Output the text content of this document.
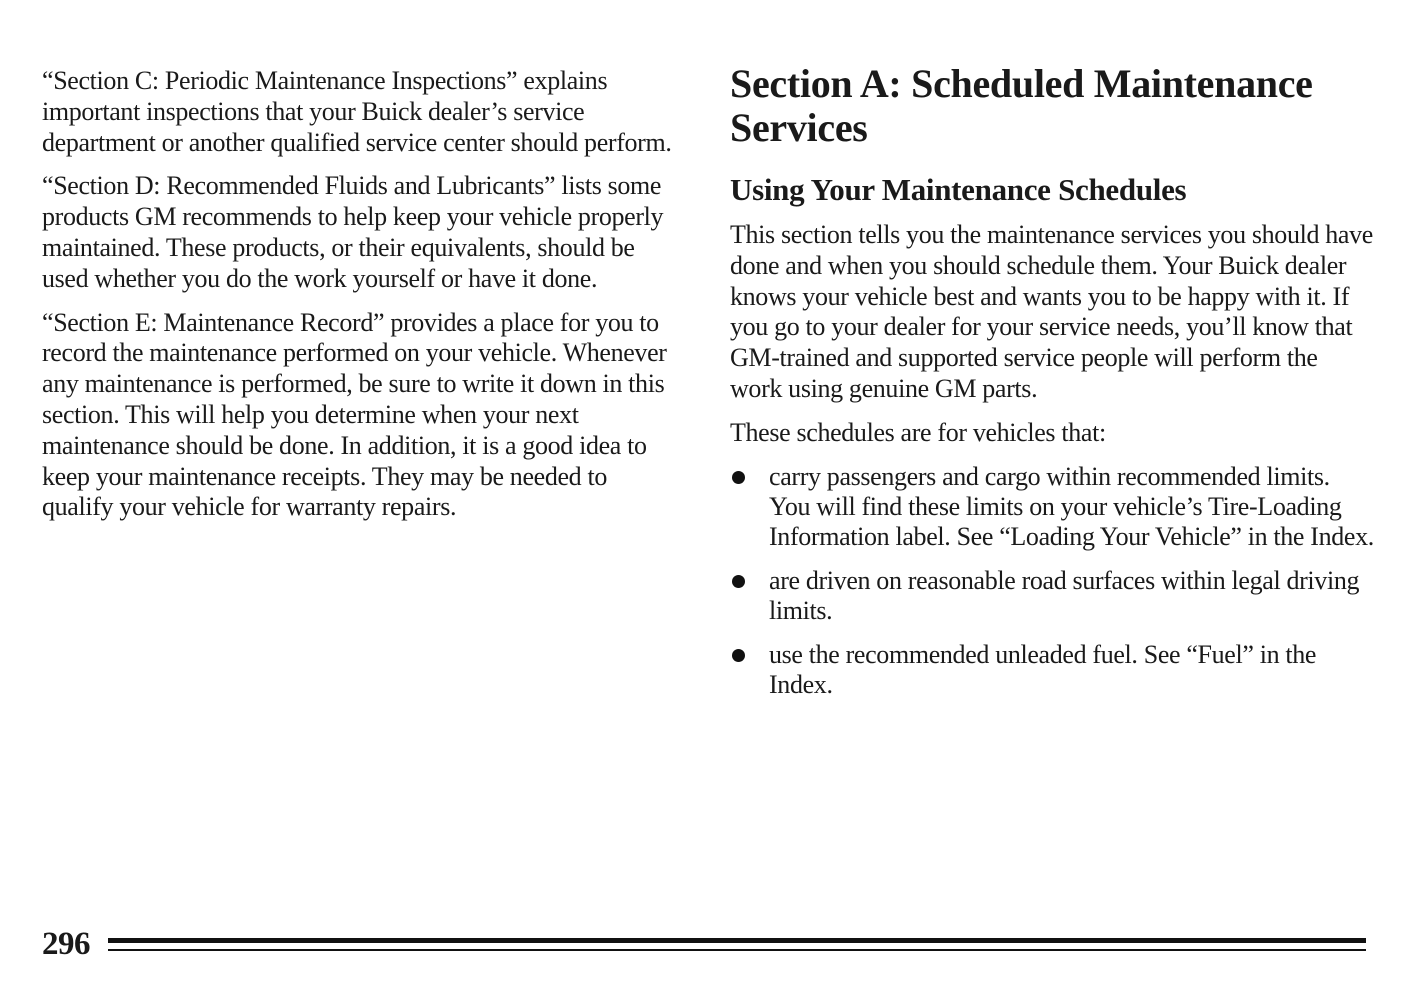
“Section C: Periodic Maintenance Inspections” explains important inspections that your Buick dealer’s service department or another qualified service center should perform.

“Section D: Recommended Fluids and Lubricants” lists some products GM recommends to help keep your vehicle properly maintained. These products, or their equivalents, should be used whether you do the work yourself or have it done.

“Section E: Maintenance Record” provides a place for you to record the maintenance performed on your vehicle. Whenever any maintenance is performed, be sure to write it down in this section. This will help you determine when your next maintenance should be done. In addition, it is a good idea to keep your maintenance receipts. They may be needed to qualify your vehicle for warranty repairs.

Section A: Scheduled Maintenance Services
Using Your Maintenance Schedules

This section tells you the maintenance services you should have done and when you should schedule them. Your Buick dealer knows your vehicle best and wants you to be happy with it. If you go to your dealer for your service needs, you’ll know that GM-trained and supported service people will perform the work using genuine GM parts.

These schedules are for vehicles that:

carry passengers and cargo within recommended limits. You will find these limits on your vehicle’s Tire-Loading Information label. See “Loading Your Vehicle” in the Index.
are driven on reasonable road surfaces within legal driving limits.
use the recommended unleaded fuel. See “Fuel” in the Index.
296
